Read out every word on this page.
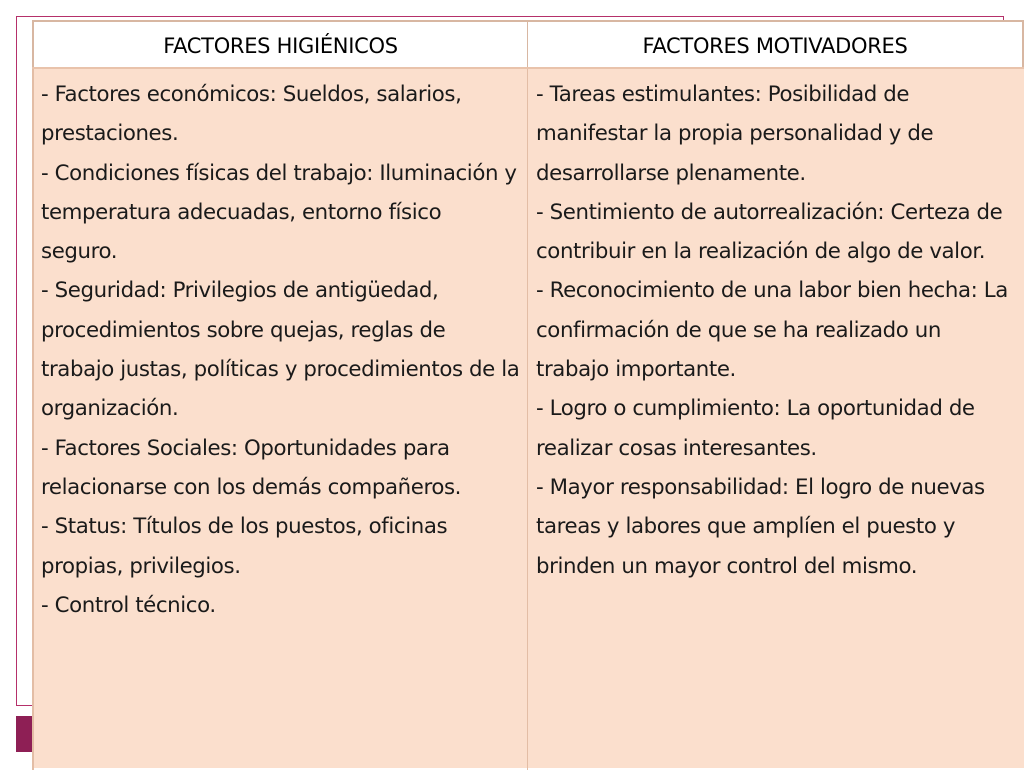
FACTORES HIGIÉNICOS	FACTORES MOTIVADORES

- Factores económicos: Sueldos, salarios, prestaciones.

- Condiciones físicas del trabajo: Iluminación y temperatura adecuadas, entorno físico seguro.

- Seguridad: Privilegios de antigüedad, procedimientos sobre quejas, reglas de trabajo justas, políticas y procedimientos de la organización.

- Factores Sociales: Oportunidades para relacionarse con los demás compañeros.

- Status: Títulos de los puestos, oficinas propias, privilegios.

- Control técnico.

- Tareas estimulantes: Posibilidad de manifestar la propia personalidad y de desarrollarse plenamente.

- Sentimiento de autorrealización: Certeza de contribuir en la realización de algo de valor.

- Reconocimiento de una labor bien hecha: La confirmación de que se ha realizado un trabajo importante.

- Logro o cumplimiento: La oportunidad de realizar cosas interesantes.

- Mayor responsabilidad: El logro de nuevas tareas y labores que amplíen el puesto y brinden un mayor control del mismo.
